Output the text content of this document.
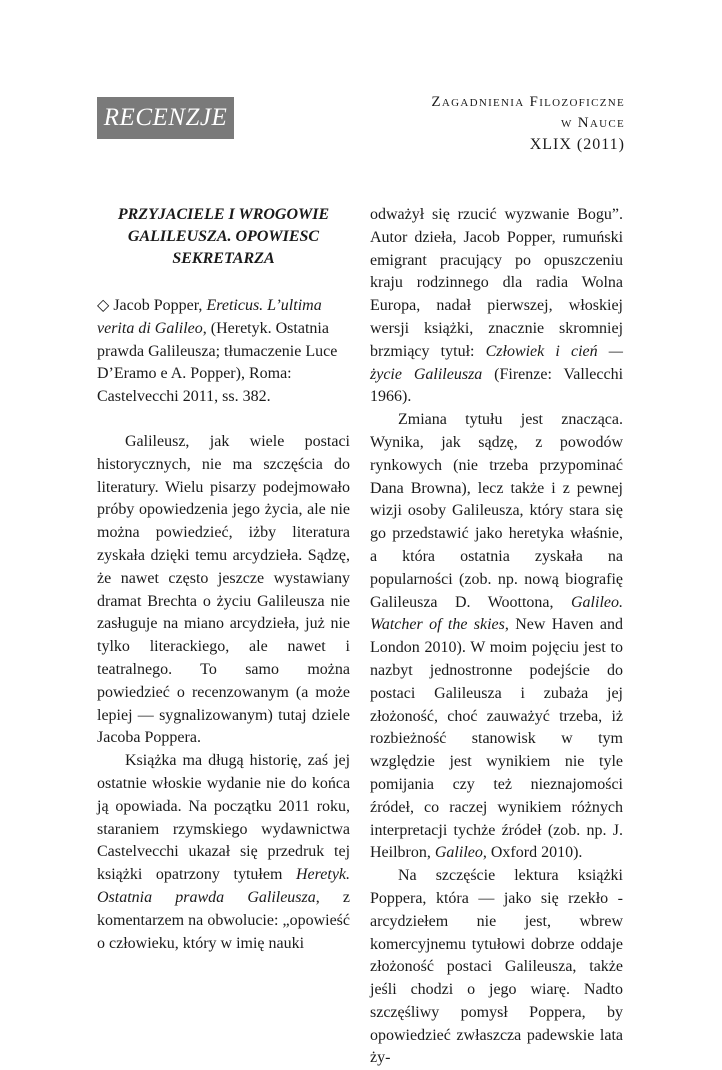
RECENZJE
Zagadnienia Filozoficzne
w Nauce
XLIX (2011)
PRZYJACIELE I WROGOWIE GALILEUSZA. OPOWIESC SEKRETARZA
◇ Jacob Popper, Ereticus. L’ultima verita di Galileo, (Heretyk. Ostatnia prawda Galileusza; tłumaczenie Luce D’Eramo e A. Popper), Roma: Castelvecchi 2011, ss. 382.

Galileusz, jak wiele postaci historycznych, nie ma szczęścia do literatury. Wielu pisarzy podejmowało próby opowiedzenia jego życia, ale nie można powiedzieć, iżby literatura zyskała dzięki temu arcydzieła. Sądzę, że nawet często jeszcze wystawiany dramat Brechta o życiu Galileusza nie zasługuje na miano arcydzieła, już nie tylko literackiego, ale nawet i teatralnego. To samo można powiedzieć o recenzowanym (a może lepiej — sygnalizowanym) tutaj dziele Jacoba Poppera.

Książka ma długą historię, zaś jej ostatnie włoskie wydanie nie do końca ją opowiada. Na początku 2011 roku, staraniem rzymskiego wydawnictwa Castelvecchi ukazał się przedruk tej książki opatrzony tytułem Heretyk. Ostatnia prawda Galileusza, z komentarzem na obwolucie: „opowieść o człowieku, który w imię nauki

odważył się rzucić wyzwanie Bogu”. Autor dzieła, Jacob Popper, rumuński emigrant pracujący po opuszczeniu kraju rodzinnego dla radia Wolna Europa, nadał pierwszej, włoskiej wersji książki, znacznie skromniej brzmiący tytuł: Człowiek i cień — życie Galileusza (Firenze: Vallecchi 1966).

Zmiana tytułu jest znacząca. Wynika, jak sądzę, z powodów rynkowych (nie trzeba przypominać Dana Browna), lecz także i z pewnej wizji osoby Galileusza, który stara się go przedstawić jako heretyka właśnie, a która ostatnia zyskała na popularności (zob. np. nową biografię Galileusza D. Woottona, Galileo. Watcher of the skies, New Haven and London 2010). W moim pojęciu jest to nazbyt jednostronne podejście do postaci Galileusza i zubaża jej złożoność, choć zauważyć trzeba, iż rozbieżność stanowisk w tym względzie jest wynikiem nie tyle pomijania czy też nieznajomości źródeł, co raczej wynikiem różnych interpretacji tychże źródeł (zob. np. J. Heilbron, Galileo, Oxford 2010).

Na szczęście lektura książki Poppera, która — jako się rzekło - arcydziełem nie jest, wbrew komercyjnemu tytułowi dobrze oddaje złożoność postaci Galileusza, także jeśli chodzi o jego wiarę. Nadto szczęśliwy pomysł Poppera, by opowiedzieć zwłaszcza padewskie lata ży-
